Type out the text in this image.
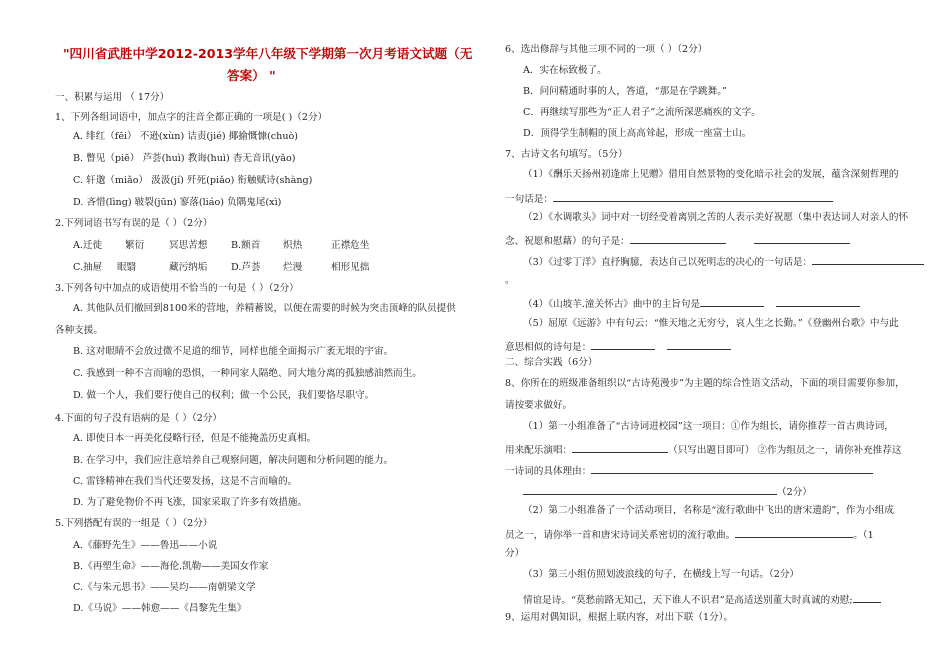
"四川省武胜中学2012-2013学年八年级下学期第一次月考语文试题（无
答案） "
一、积累与运用 （ 17分）
1、下列各组词语中，加点字的注音全都正确的一项是( )（2分）
A. 绯红（fēi） 不逊(xùn) 诘责(jié) 揶揄慨慷(chuò)
B. 瞥见（piē） 芦荟(huì) 教诲(huì) 杳无音讯(yǎo)
C. 轩邈（miǎo） 汲汲(jí) 歼死(piǎo) 衔触赋诗(shàng)
D. 吝惜(lìng) 皲裂(jūn) 寥落(liáo) 负隅鬼尾(xì)
2.下列词语书写有误的是（ ）（2分）
A.迁徙 繁衍	冥思苦想 B.额首 炽热	正襟危坐
C.抽屉 眼翳	藏污纳垢 D.芦荟 烂漫	相形见拙
3.下列各句中加点的成语使用不恰当的一句是（ ）（2分）
A. 其他队员们撤回到8100米的营地，养精蓄锐，以便在需要的时候为突击顶峰的队员提供
各种支援。
B. 这对眼睛不会放过微不足道的细节，同样也能全面揭示广袤无垠的宇宙。
C. 我感到一种不言而喻的恐惧，一种同家人隔绝、同大地分离的孤独感油然而生。
D. 做一个人，我们要行使自己的权利；做一个公民，我们要恪尽职守。
4.下面的句子没有语病的是（ ）（2分）
A. 即使日本一再美化侵略行径，但是不能掩盖历史真相。
B. 在学习中，我们应注意培养自己观察问题，解决问题和分析问题的能力。
C. 雷锋精神在我们当代还要发扬，这是不言而喻的。
D. 为了避免物价不再飞涨，国家采取了许多有效措施。
5.下列搭配有误的一组是（ ）（2分）
A.《藤野先生》——鲁迅——小说
B.《再塑生命》——海伦.凯勒——美国女作家
C.《与朱元思书》——吴均——南朝梁文学
D.《马说》——韩愈——《昌黎先生集》
6、选出修辞与其他三项不同的一项（ ）（2分）
A．实在标致极了。
B．问问精通时事的人，答道，“那是在学跳舞。”
C．再继续写那些为“正人君子”之流所深恶痛疾的文字。
D．顶得学生制帽的顶上高高耸起，形成一座富士山。
7、古诗文名句填写。（5分）
（1）《酬乐天扬州初逢席上见赠》借用自然景物的变化暗示社会的发展，蕴含深刻哲理的
一句话是：
（2）《水调歌头》词中对一切经受着离别之苦的人表示美好祝愿（集中表达词人对亲人的怀
念、祝愿和慰藉）的句子是：
（3）《过零丁洋》直抒胸臆，表达自己以死明志的决心的一句话是：
。
（4）《山坡羊.潼关怀古》曲中的主旨句是
（5）屈原《远游》中有句云：“惟天地之无穷兮，哀人生之长勤。”《登幽州台歌》中与此
意思相似的诗句是：
二、综合实践（6分）
8、你所在的班级准备组织以“古诗苑漫步”为主题的综合性语文活动，下面的项目需要你参加，
请按要求做好。
（1）第一小组准备了“古诗词进校园”这一项目：①作为组长，请你推荐一首古典诗词，
用来配乐演唱：	（只写出题目即可） ②作为组员之一，请你补充推荐这
一诗词的具体理由：
（2分）
（2）第二小组准备了一个活动项目，名称是“流行歌曲中飞出的唐宋遗韵”，作为小组成
员之一，请你举一首和唐宋诗词关系密切的流行歌曲。	。（1
分）
（3）第三小组仿照划波浪线的句子，在横线上写一句话。（2分）
情谊是诗。“莫愁前路无知己，天下谁人不识君”是高适送别董大时真诚的劝慰;
9、运用对偶知识，根据上联内容，对出下联（1分）。
